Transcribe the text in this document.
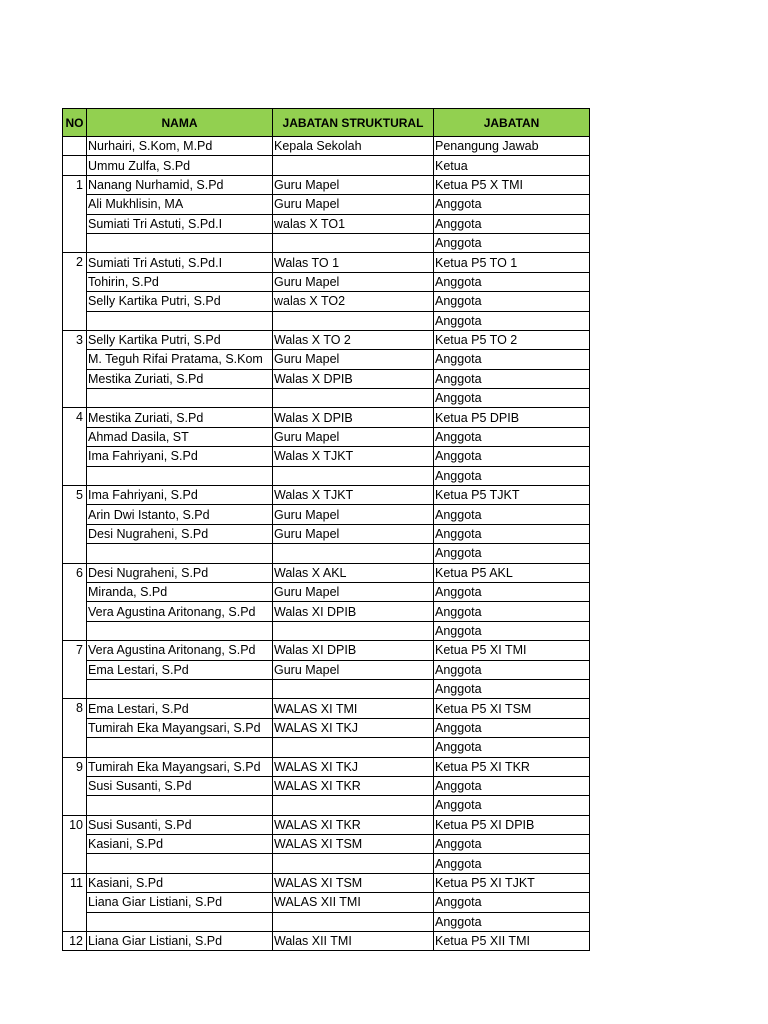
NO	NAMA	JABATAN STRUKTURAL	JABATAN
	Nurhairi, S.Kom, M.Pd	Kepala Sekolah	Penangung Jawab
	Ummu Zulfa, S.Pd		Ketua
1	Nanang Nurhamid, S.Pd	Guru Mapel	Ketua P5 X TMI
	Ali Mukhlisin, MA	Guru Mapel	Anggota
	Sumiati Tri Astuti, S.Pd.I	walas X TO1	Anggota
			Anggota
2	Sumiati Tri Astuti, S.Pd.I	Walas TO 1	Ketua P5 TO 1
	Tohirin, S.Pd	Guru Mapel	Anggota
	Selly Kartika Putri, S.Pd	walas X TO2	Anggota
			Anggota
3	Selly Kartika Putri, S.Pd	Walas X TO 2	Ketua P5 TO 2
	M. Teguh Rifai Pratama, S.Kom	Guru Mapel	Anggota
	Mestika Zuriati, S.Pd	Walas X DPIB	Anggota
			Anggota
4	Mestika Zuriati, S.Pd	Walas X DPIB	Ketua P5 DPIB
	Ahmad Dasila, ST	Guru Mapel	Anggota
	Ima Fahriyani, S.Pd	Walas X TJKT	Anggota
			Anggota
5	Ima Fahriyani, S.Pd	Walas X TJKT	Ketua P5 TJKT
	Arin Dwi Istanto, S.Pd	Guru Mapel	Anggota
	Desi Nugraheni, S.Pd	Guru Mapel	Anggota
			Anggota
6	Desi Nugraheni, S.Pd	Walas X AKL	Ketua P5 AKL
	Miranda, S.Pd	Guru Mapel	Anggota
	Vera Agustina Aritonang, S.Pd	Walas XI DPIB	Anggota
			Anggota
7	Vera Agustina Aritonang, S.Pd	Walas XI DPIB	Ketua P5 XI TMI
	Ema Lestari, S.Pd	Guru Mapel	Anggota
			Anggota
8	Ema Lestari, S.Pd	WALAS XI TMI	Ketua P5 XI TSM
	Tumirah Eka Mayangsari, S.Pd	WALAS XI TKJ	Anggota
			Anggota
9	Tumirah Eka Mayangsari, S.Pd	WALAS XI TKJ	Ketua P5 XI TKR
	Susi Susanti, S.Pd	WALAS XI TKR	Anggota
			Anggota
10	Susi Susanti, S.Pd	WALAS XI TKR	Ketua P5 XI DPIB
	Kasiani, S.Pd	WALAS XI TSM	Anggota
			Anggota
11	Kasiani, S.Pd	WALAS XI TSM	Ketua P5 XI TJKT
	Liana Giar Listiani, S.Pd	WALAS XII TMI	Anggota
			Anggota
12	Liana Giar Listiani, S.Pd	Walas XII TMI	Ketua P5 XII TMI
